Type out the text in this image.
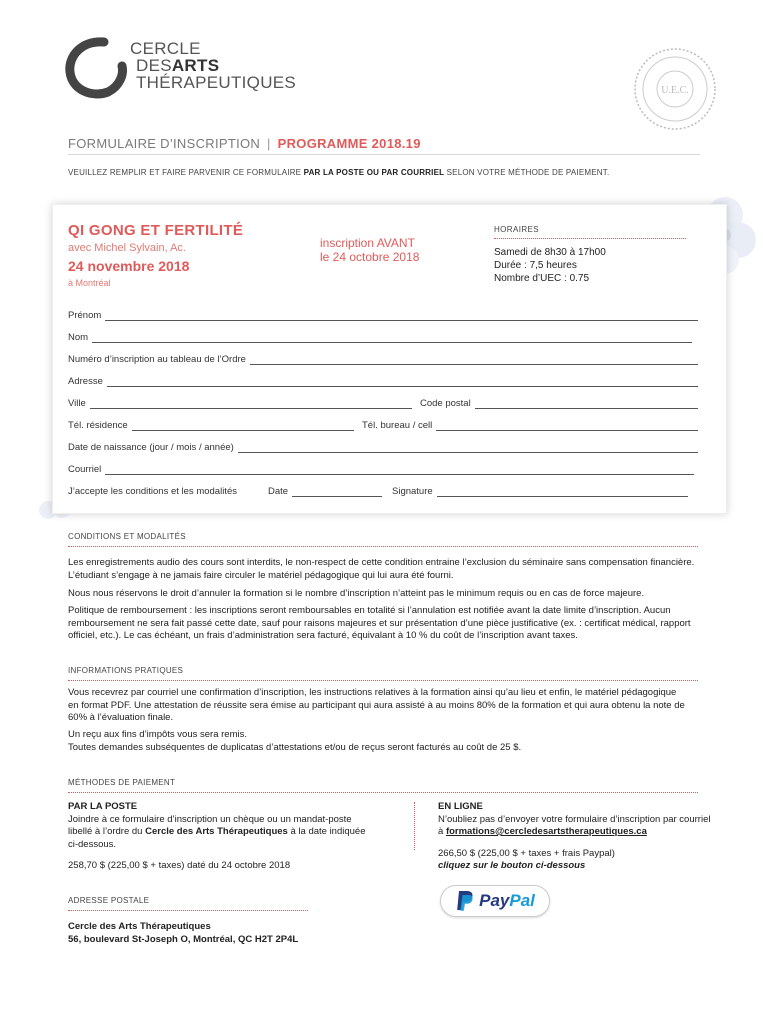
CERCLE
DESARTS
THÉRAPEUTIQUES	U.E.C.
FORMULAIRE D’INSCRIPTION | PROGRAMME 2018.19
VEUILLEZ REMPLIR ET FAIRE PARVENIR CE FORMULAIRE PAR LA POSTE OU PAR COURRIEL SELON VOTRE MÉTHODE DE PAIEMENT.
QI GONG ET FERTILITÉ
avec Michel Sylvain, Ac.
24 novembre 2018
à Montréal
inscription AVANT
le 24 octobre 2018
HORAIRES
Samedi de 8h30 à 17h00
Durée : 7,5 heures
Nombre d’UEC : 0.75
Prénom
Nom
Numéro d’inscription au tableau de l’Ordre
Adresse
Ville	Code postal
Tél. résidence	Tél. bureau / cell
Date de naissance (jour / mois / année)
Courriel
J’accepte les conditions et les modalités	Date	Signature
CONDITIONS ET MODALITÉS
Les enregistrements audio des cours sont interdits, le non-respect de cette condition entraine l’exclusion du séminaire sans compensation financière. L’étudiant s’engage à ne jamais faire circuler le matériel pédagogique qui lui aura été fourni.
Nous nous réservons le droit d’annuler la formation si le nombre d’inscription n’atteint pas le minimum requis ou en cas de force majeure.
Politique de remboursement : les inscriptions seront remboursables en totalité si l’annulation est notifiée avant la date limite d’inscription. Aucun remboursement ne sera fait passé cette date, sauf pour raisons majeures et sur présentation d’une pièce justificative (ex. : certificat médical, rapport officiel, etc.). Le cas échéant, un frais d’administration sera facturé, équivalant à 10 % du coût de l’inscription avant taxes.
INFORMATIONS PRATIQUES
Vous recevrez par courriel une confirmation d’inscription, les instructions relatives à la formation ainsi qu’au lieu et enfin, le matériel pédagogique en format PDF. Une attestation de réussite sera émise au participant qui aura assisté à au moins 80% de la formation et qui aura obtenu la note de 60% à l’évaluation finale.
Un reçu aux fins d’impôts vous sera remis.
Toutes demandes subséquentes de duplicatas d’attestations et/ou de reçus seront facturés au coût de 25 $.
MÉTHODES DE PAIEMENT
PAR LA POSTE
Joindre à ce formulaire d’inscription un chèque ou un mandat-poste libellé à l’ordre du Cercle des Arts Thérapeutiques à la date indiquée ci-dessous.
258,70 $ (225,00 $ + taxes) daté du 24 octobre 2018
EN LIGNE
N’oubliez pas d’envoyer votre formulaire d’inscription par courriel à formations@cercledesartstherapeutiques.ca
266,50 $ (225,00 $ + taxes + frais Paypal)
cliquez sur le bouton ci-dessous
PayPal
ADRESSE POSTALE
Cercle des Arts Thérapeutiques
56, boulevard St-Joseph O, Montréal, QC H2T 2P4L
